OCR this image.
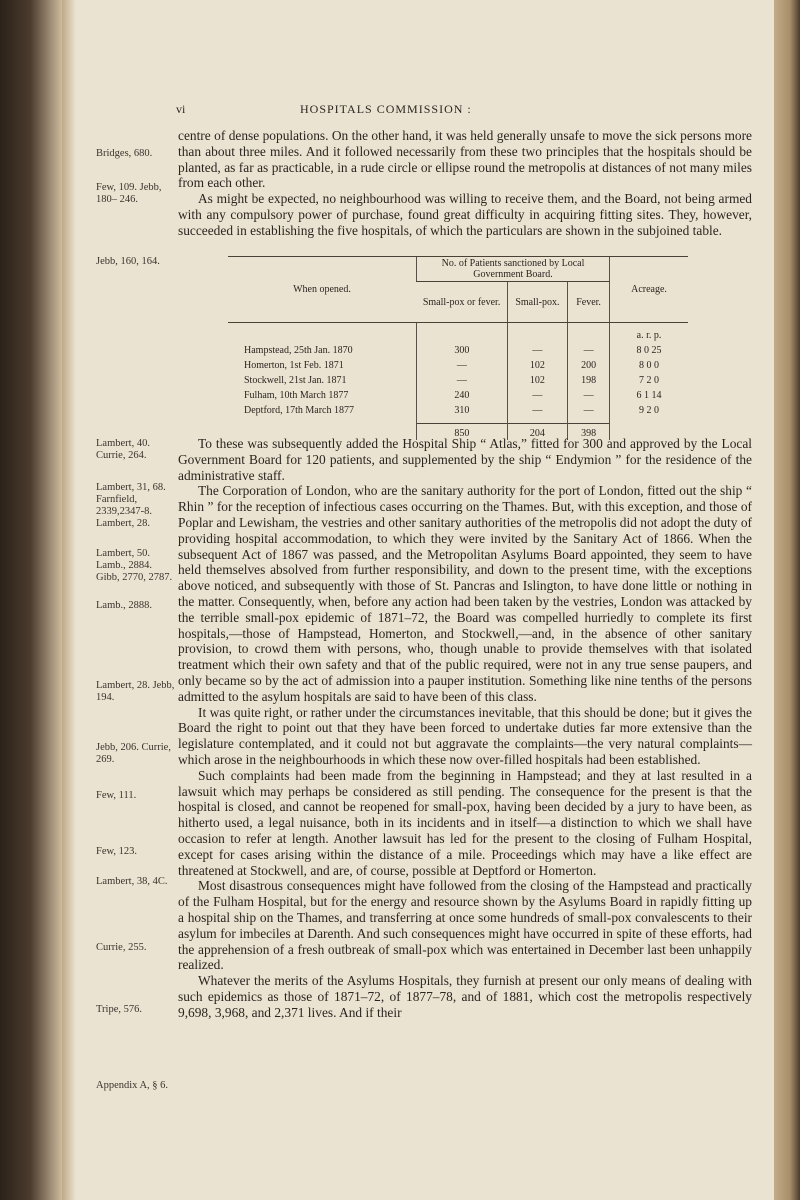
vi	HOSPITALS COMMISSION :
Bridges, 680.
Few, 109. Jebb, 180– 246.
Jebb, 160, 164.
Lambert, 40. Currie, 264.
Lambert, 31, 68. Farnfield, 2339,2347-8. Lambert, 28.
Lambert, 50. Lamb., 2884. Gibb, 2770, 2787.
Lamb., 2888.
Lambert, 28. Jebb, 194.
Jebb, 206. Currie, 269.
Few, 111.
Few, 123.
Lambert, 38, 4C.
Currie, 255.
Tripe, 576.
Appendix A, § 6.

centre of dense populations. On the other hand, it was held generally unsafe to move the sick persons more than about three miles. And it followed necessarily from these two principles that the hospitals should be planted, as far as practicable, in a rude circle or ellipse round the metropolis at distances of not many miles from each other.

As might be expected, no neighbourhood was willing to receive them, and the Board, not being armed with any compulsory power of purchase, found great difficulty in acquiring fitting sites. They, however, succeeded in establishing the five hospitals, of which the particulars are shown in the subjoined table.

When opened.	No. of Patients sanctioned by Local Government Board.			Acreage.
	Small-pox or fever.	Small-pox.	Fever.	
				a. r. p.
Hampstead, 25th Jan. 1870	300	—	—	8 0 25
Homerton, 1st Feb. 1871	—	102	200	8 0 0
Stockwell, 21st Jan. 1871	—	102	198	7 2 0
Fulham, 10th March 1877	240	—	—	6 1 14
Deptford, 17th March 1877	310	—	—	9 2 0
	850	204	398	

To these was subsequently added the Hospital Ship “ Atlas,” fitted for 300 and approved by the Local Government Board for 120 patients, and supplemented by the ship “ Endymion ” for the residence of the administrative staff.

The Corporation of London, who are the sanitary authority for the port of London, fitted out the ship “ Rhin ” for the reception of infectious cases occurring on the Thames. But, with this exception, and those of Poplar and Lewisham, the vestries and other sanitary authorities of the metropolis did not adopt the duty of providing hospital accommodation, to which they were invited by the Sanitary Act of 1866. When the subsequent Act of 1867 was passed, and the Metropolitan Asylums Board appointed, they seem to have held themselves absolved from further responsibility, and down to the present time, with the exceptions above noticed, and subsequently with those of St. Pancras and Islington, to have done little or nothing in the matter. Consequently, when, before any action had been taken by the vestries, London was attacked by the terrible small-pox epidemic of 1871–72, the Board was compelled hurriedly to complete its first hospitals,—those of Hampstead, Homerton, and Stockwell,—and, in the absence of other sanitary provision, to crowd them with persons, who, though unable to provide themselves with that isolated treatment which their own safety and that of the public required, were not in any true sense paupers, and only became so by the act of admission into a pauper institution. Something like nine tenths of the persons admitted to the asylum hospitals are said to have been of this class.

It was quite right, or rather under the circumstances inevitable, that this should be done; but it gives the Board the right to point out that they have been forced to undertake duties far more extensive than the legislature contemplated, and it could not but aggravate the complaints—the very natural complaints—which arose in the neighbourhoods in which these now over-filled hospitals had been established.

Such complaints had been made from the beginning in Hampstead; and they at last resulted in a lawsuit which may perhaps be considered as still pending. The consequence for the present is that the hospital is closed, and cannot be reopened for small-pox, having been decided by a jury to have been, as hitherto used, a legal nuisance, both in its incidents and in itself—a distinction to which we shall have occasion to refer at length. Another lawsuit has led for the present to the closing of Fulham Hospital, except for cases arising within the distance of a mile. Proceedings which may have a like effect are threatened at Stockwell, and are, of course, possible at Deptford or Homerton.

Most disastrous consequences might have followed from the closing of the Hampstead and practically of the Fulham Hospital, but for the energy and resource shown by the Asylums Board in rapidly fitting up a hospital ship on the Thames, and transferring at once some hundreds of small-pox convalescents to their asylum for imbeciles at Darenth. And such consequences might have occurred in spite of these efforts, had the apprehension of a fresh outbreak of small-pox which was entertained in December last been unhappily realized.

Whatever the merits of the Asylums Hospitals, they furnish at present our only means of dealing with such epidemics as those of 1871–72, of 1877–78, and of 1881, which cost the metropolis respectively 9,698, 3,968, and 2,371 lives. And if their
